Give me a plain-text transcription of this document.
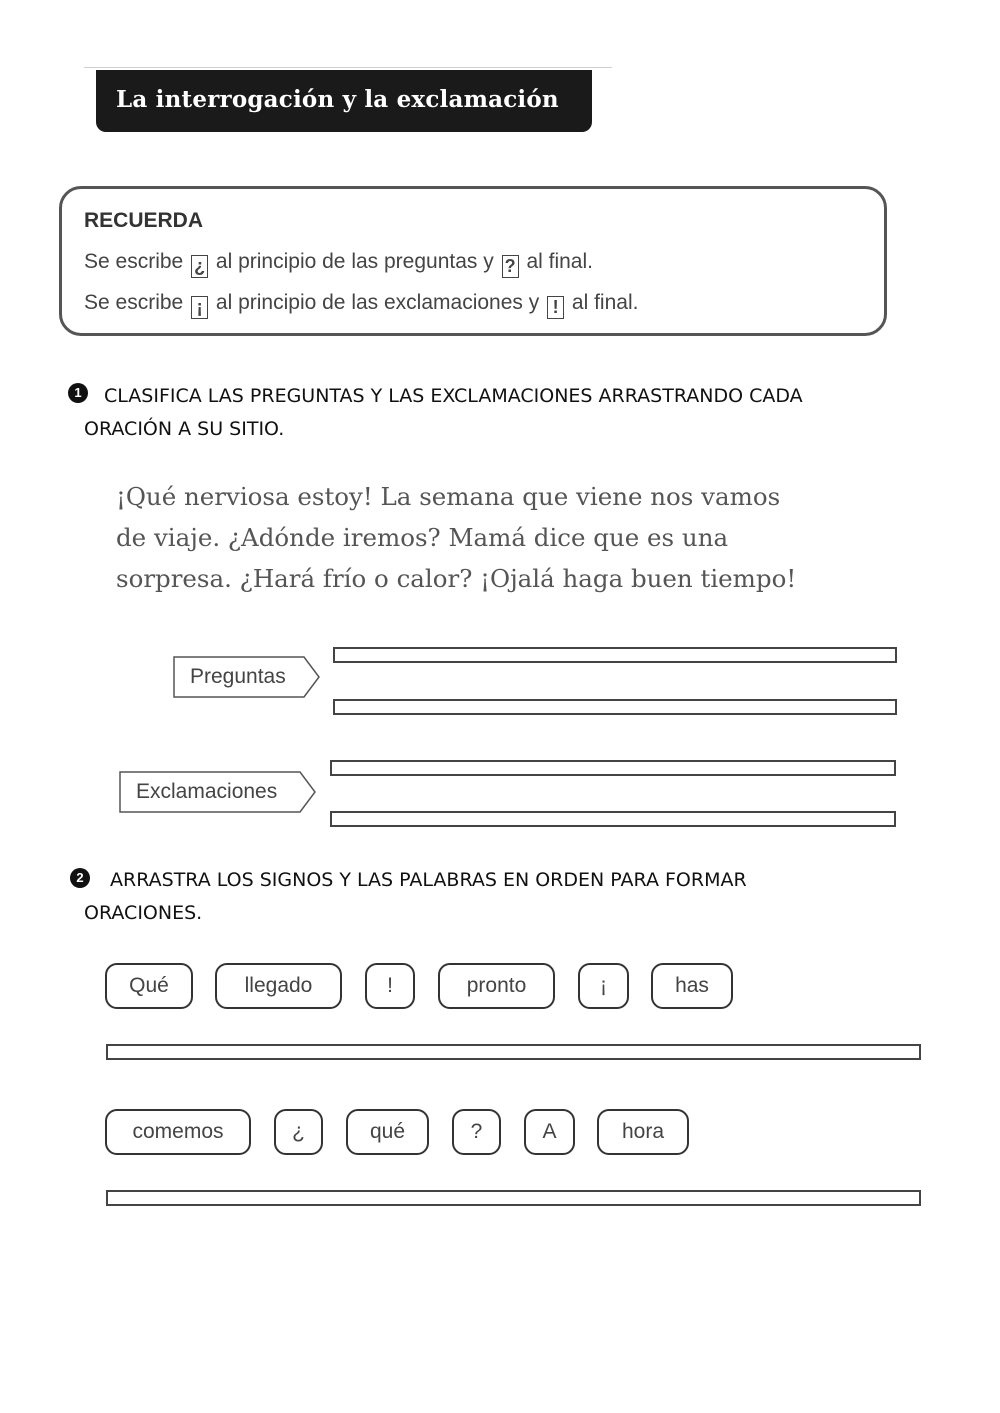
La interrogación y la exclamación
RECUERDA
Se escribe ¿ al principio de las preguntas y ? al final.
Se escribe ¡ al principio de las exclamaciones y ! al final.
1	CLASIFICA LAS PREGUNTAS Y LAS EXCLAMACIONES ARRASTRANDO CADA
ORACIÓN A SU SITIO.
¡Qué nerviosa estoy! La semana que viene nos vamos
de viaje. ¿Adónde iremos? Mamá dice que es una
sorpresa. ¿Hará frío o calor? ¡Ojalá haga buen tiempo!
Preguntas
Exclamaciones
2	ARRASTRA LOS SIGNOS Y LAS PALABRAS EN ORDEN PARA FORMAR
ORACIONES.
Qué	llegado	!	pronto	¡	has
comemos	¿	qué	?	A	hora
